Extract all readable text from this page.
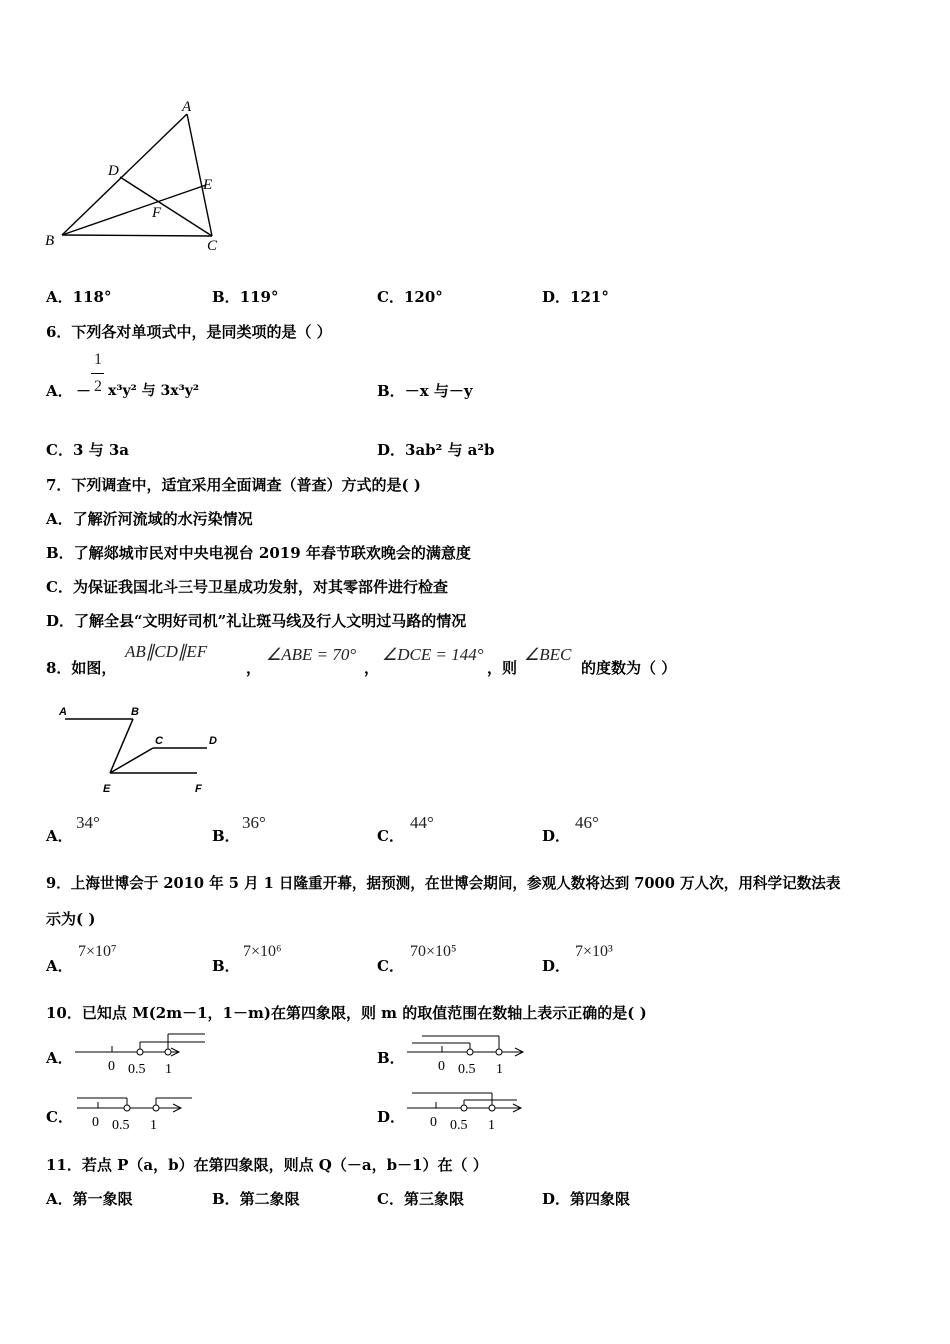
A
D
E
F
B	C
A．118°	B．119°	C．120°	D．121°
6．下列各对单项式中，是同类项的是（ ）
A． －
1
2 x³y² 与 3x³y²	B．－x 与－y
C．3 与 3a	D．3ab² 与 a²b
7．下列调查中，适宜采用全面调查（普查）方式的是( )
A．了解沂河流域的水污染情况
B．了解郯城市民对中央电视台 2019 年春节联欢晚会的满意度
C．为保证我国北斗三号卫星成功发射，对其零部件进行检查
D．了解全县“文明好司机”礼让斑马线及行人文明过马路的情况
8．如图，
AB∥CD∥EF
，
∠ABE = 70°
，
∠DCE = 144°
，则
∠BEC
的度数为（ ）
A	B
C	D
E	F
A．
34°
B．
36°
C．
44°
D．
46°
9．上海世博会于 2010 年 5 月 1 日隆重开幕，据预测，在世博会期间，参观人数将达到 7000 万人次，用科学记数法表
示为( )
A．
7×10⁷
B．
7×10⁶
C．
70×10⁵
D．
7×10³
10．已知点 M(2m－1，1－m)在第四象限，则 m 的取值范围在数轴上表示正确的是( )
A．	B．
C．	D．
0 0.5 1	0 0.5 1
0 0.5 1	0 0.5 1
11．若点 P（a，b）在第四象限，则点 Q（－a，b－1）在（ ）
A．第一象限	B．第二象限	C．第三象限	D．第四象限
